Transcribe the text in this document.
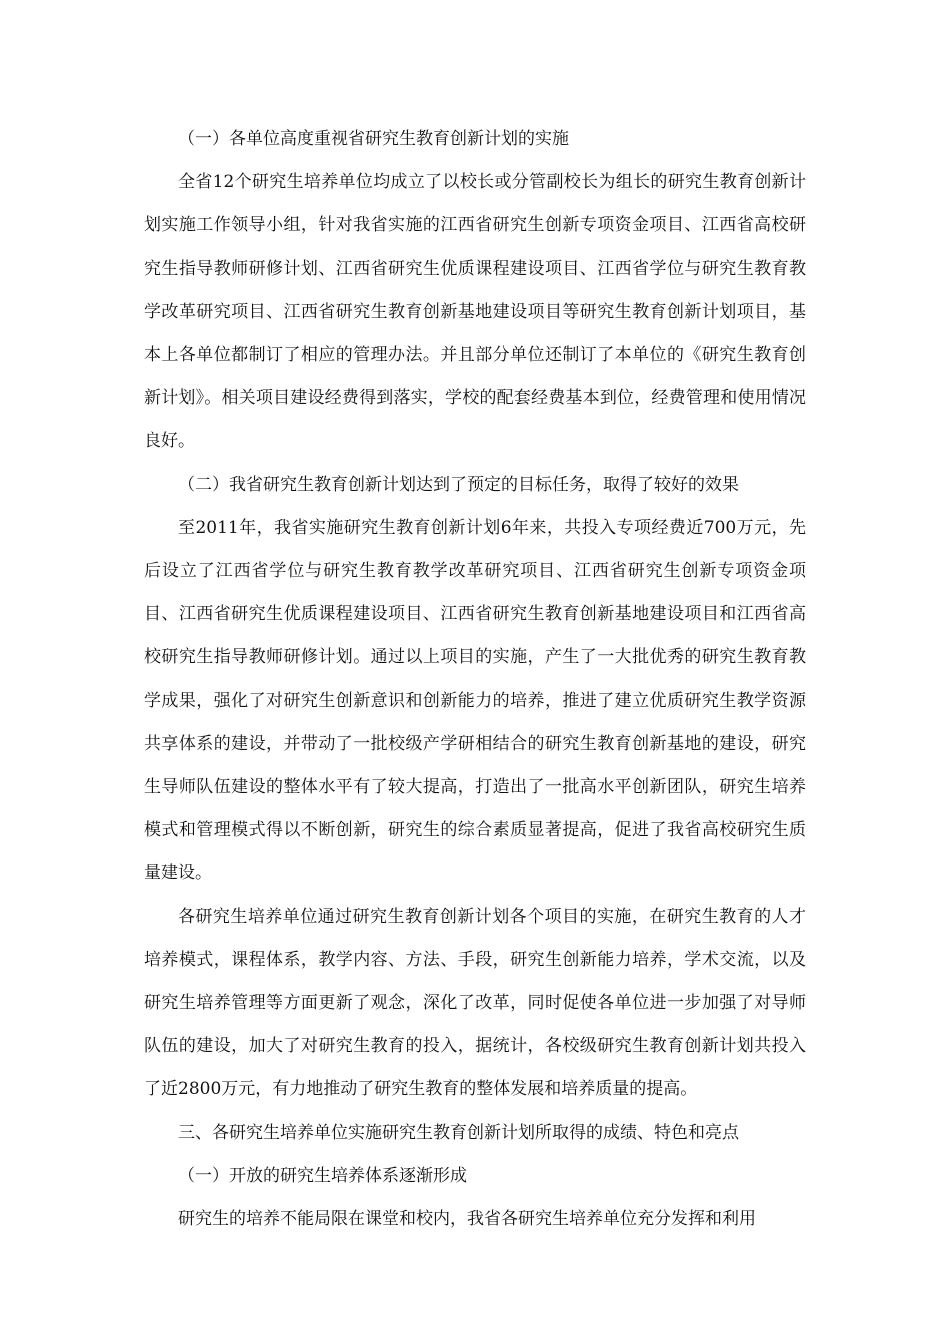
（一）各单位高度重视省研究生教育创新计划的实施

全省12个研究生培养单位均成立了以校长或分管副校长为组长的研究生教育创新计划实施工作领导小组，针对我省实施的江西省研究生创新专项资金项目、江西省高校研究生指导教师研修计划、江西省研究生优质课程建设项目、江西省学位与研究生教育教学改革研究项目、江西省研究生教育创新基地建设项目等研究生教育创新计划项目，基本上各单位都制订了相应的管理办法。并且部分单位还制订了本单位的《研究生教育创新计划》。相关项目建设经费得到落实，学校的配套经费基本到位，经费管理和使用情况良好。

（二）我省研究生教育创新计划达到了预定的目标任务，取得了较好的效果

至2011年，我省实施研究生教育创新计划6年来，共投入专项经费近700万元，先后设立了江西省学位与研究生教育教学改革研究项目、江西省研究生创新专项资金项目、江西省研究生优质课程建设项目、江西省研究生教育创新基地建设项目和江西省高校研究生指导教师研修计划。通过以上项目的实施，产生了一大批优秀的研究生教育教学成果，强化了对研究生创新意识和创新能力的培养，推进了建立优质研究生教学资源共享体系的建设，并带动了一批校级产学研相结合的研究生教育创新基地的建设，研究生导师队伍建设的整体水平有了较大提高，打造出了一批高水平创新团队，研究生培养模式和管理模式得以不断创新，研究生的综合素质显著提高，促进了我省高校研究生质量建设。

各研究生培养单位通过研究生教育创新计划各个项目的实施，在研究生教育的人才培养模式，课程体系，教学内容、方法、手段，研究生创新能力培养，学术交流，以及研究生培养管理等方面更新了观念，深化了改革，同时促使各单位进一步加强了对导师队伍的建设，加大了对研究生教育的投入，据统计，各校级研究生教育创新计划共投入了近2800万元，有力地推动了研究生教育的整体发展和培养质量的提高。

三、各研究生培养单位实施研究生教育创新计划所取得的成绩、特色和亮点

（一）开放的研究生培养体系逐渐形成

研究生的培养不能局限在课堂和校内，我省各研究生培养单位充分发挥和利用
